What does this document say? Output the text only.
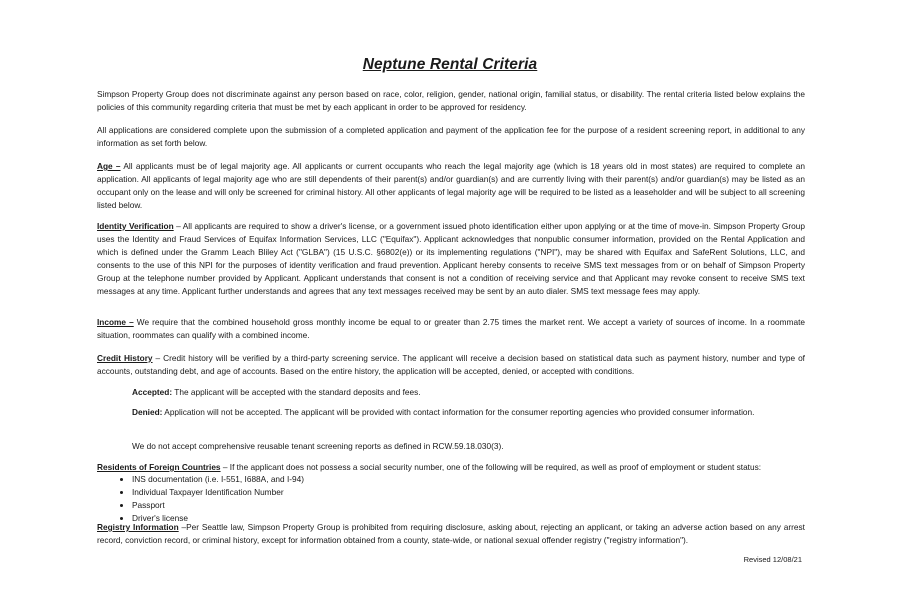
Neptune Rental Criteria
Simpson Property Group does not discriminate against any person based on race, color, religion, gender, national origin, familial status, or disability. The rental criteria listed below explains the policies of this community regarding criteria that must be met by each applicant in order to be approved for residency.
All applications are considered complete upon the submission of a completed application and payment of the application fee for the purpose of a resident screening report, in additional to any information as set forth below.
Age – All applicants must be of legal majority age. All applicants or current occupants who reach the legal majority age (which is 18 years old in most states) are required to complete an application. All applicants of legal majority age who are still dependents of their parent(s) and/or guardian(s) and are currently living with their parent(s) and/or guardian(s) may be listed as an occupant only on the lease and will only be screened for criminal history. All other applicants of legal majority age will be required to be listed as a leaseholder and will be subject to all screening listed below.
Identity Verification – All applicants are required to show a driver's license, or a government issued photo identification either upon applying or at the time of move-in. Simpson Property Group uses the Identity and Fraud Services of Equifax Information Services, LLC ("Equifax"). Applicant acknowledges that nonpublic consumer information, provided on the Rental Application and which is defined under the Gramm Leach Bliley Act ("GLBA") (15 U.S.C. §6802(e)) or its implementing regulations ("NPI"), may be shared with Equifax and SafeRent Solutions, LLC, and consents to the use of this NPI for the purposes of identity verification and fraud prevention. Applicant hereby consents to receive SMS text messages from or on behalf of Simpson Property Group at the telephone number provided by Applicant. Applicant understands that consent is not a condition of receiving service and that Applicant may revoke consent to receive SMS text messages at any time. Applicant further understands and agrees that any text messages received may be sent by an auto dialer. SMS text message fees may apply.
Income – We require that the combined household gross monthly income be equal to or greater than 2.75 times the market rent. We accept a variety of sources of income. In a roommate situation, roommates can qualify with a combined income.
Credit History – Credit history will be verified by a third-party screening service. The applicant will receive a decision based on statistical data such as payment history, number and type of accounts, outstanding debt, and age of accounts. Based on the entire history, the application will be accepted, denied, or accepted with conditions.
Accepted: The applicant will be accepted with the standard deposits and fees.
Denied: Application will not be accepted. The applicant will be provided with contact information for the consumer reporting agencies who provided consumer information.
We do not accept comprehensive reusable tenant screening reports as defined in RCW.59.18.030(3).
Residents of Foreign Countries – If the applicant does not possess a social security number, one of the following will be required, as well as proof of employment or student status:
• INS documentation (i.e. I-551, I688A, and I-94)
• Individual Taxpayer Identification Number
• Passport
• Driver's license
Registry Information –Per Seattle law, Simpson Property Group is prohibited from requiring disclosure, asking about, rejecting an applicant, or taking an adverse action based on any arrest record, conviction record, or criminal history, except for information obtained from a county, state-wide, or national sexual offender registry ("registry information").
Revised 12/08/21
